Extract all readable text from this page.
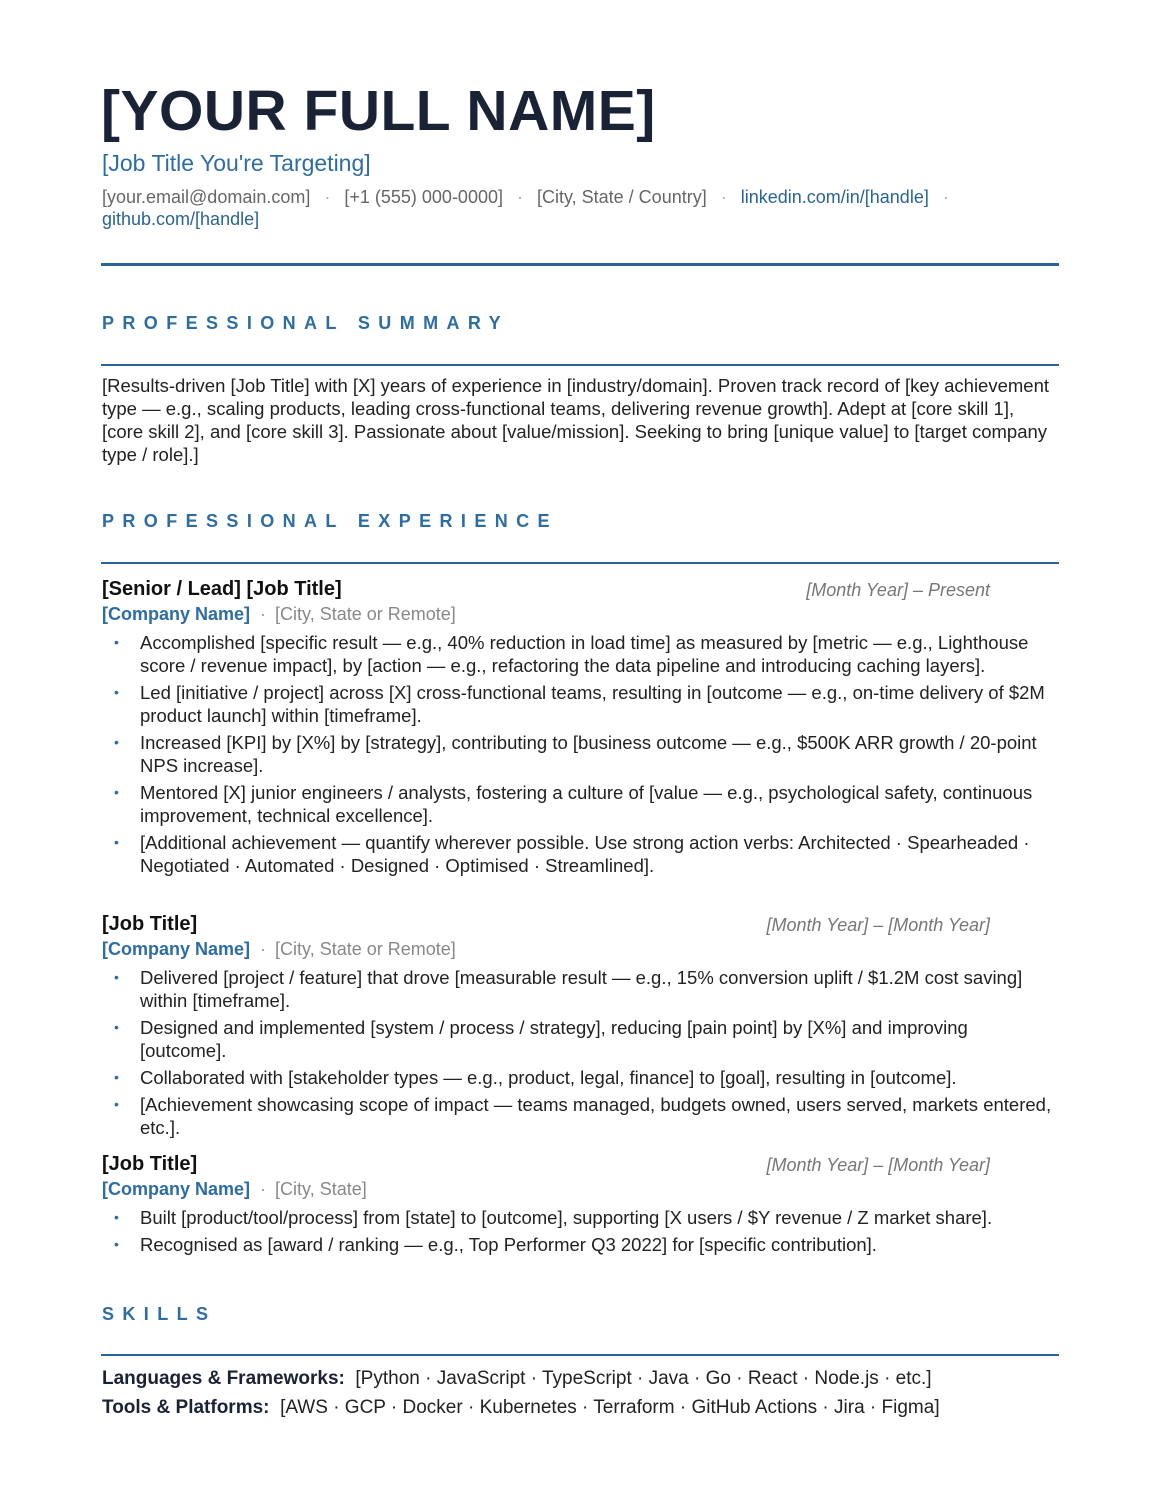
[YOUR FULL NAME]
[Job Title You're Targeting]
[your.email@domain.com] · [+1 (555) 000-0000] · [City, State / Country] · linkedin.com/in/[handle] ·
github.com/[handle]
PROFESSIONAL SUMMARY

[Results-driven [Job Title] with [X] years of experience in [industry/domain]. Proven track record of [key achievement type — e.g., scaling products, leading cross-functional teams, delivering revenue growth]. Adept at [core skill 1], [core skill 2], and [core skill 3]. Passionate about [value/mission]. Seeking to bring [unique value] to [target company type / role].]

PROFESSIONAL EXPERIENCE
[Senior / Lead] [Job Title]	[Month Year] – Present
[Company Name] · [City, State or Remote]
• Accomplished [specific result — e.g., 40% reduction in load time] as measured by [metric — e.g., Lighthouse score / revenue impact], by [action — e.g., refactoring the data pipeline and introducing caching layers].
• Led [initiative / project] across [X] cross-functional teams, resulting in [outcome — e.g., on-time delivery of $2M product launch] within [timeframe].
• Increased [KPI] by [X%] by [strategy], contributing to [business outcome — e.g., $500K ARR growth / 20-point NPS increase].
• Mentored [X] junior engineers / analysts, fostering a culture of [value — e.g., psychological safety, continuous improvement, technical excellence].
• [Additional achievement — quantify wherever possible. Use strong action verbs: Architected · Spearheaded · Negotiated · Automated · Designed · Optimised · Streamlined].
[Job Title]	[Month Year] – [Month Year]
[Company Name] · [City, State or Remote]
• Delivered [project / feature] that drove [measurable result — e.g., 15% conversion uplift / $1.2M cost saving] within [timeframe].
• Designed and implemented [system / process / strategy], reducing [pain point] by [X%] and improving [outcome].
• Collaborated with [stakeholder types — e.g., product, legal, finance] to [goal], resulting in [outcome].
• [Achievement showcasing scope of impact — teams managed, budgets owned, users served, markets entered, etc.].
[Job Title]	[Month Year] – [Month Year]
[Company Name] · [City, State]
• Built [product/tool/process] from [state] to [outcome], supporting [X users / $Y revenue / Z market share].
• Recognised as [award / ranking — e.g., Top Performer Q3 2022] for [specific contribution].
SKILLS
Languages & Frameworks: [Python · JavaScript · TypeScript · Java · Go · React · Node.js · etc.]
Tools & Platforms: [AWS · GCP · Docker · Kubernetes · Terraform · GitHub Actions · Jira · Figma]
